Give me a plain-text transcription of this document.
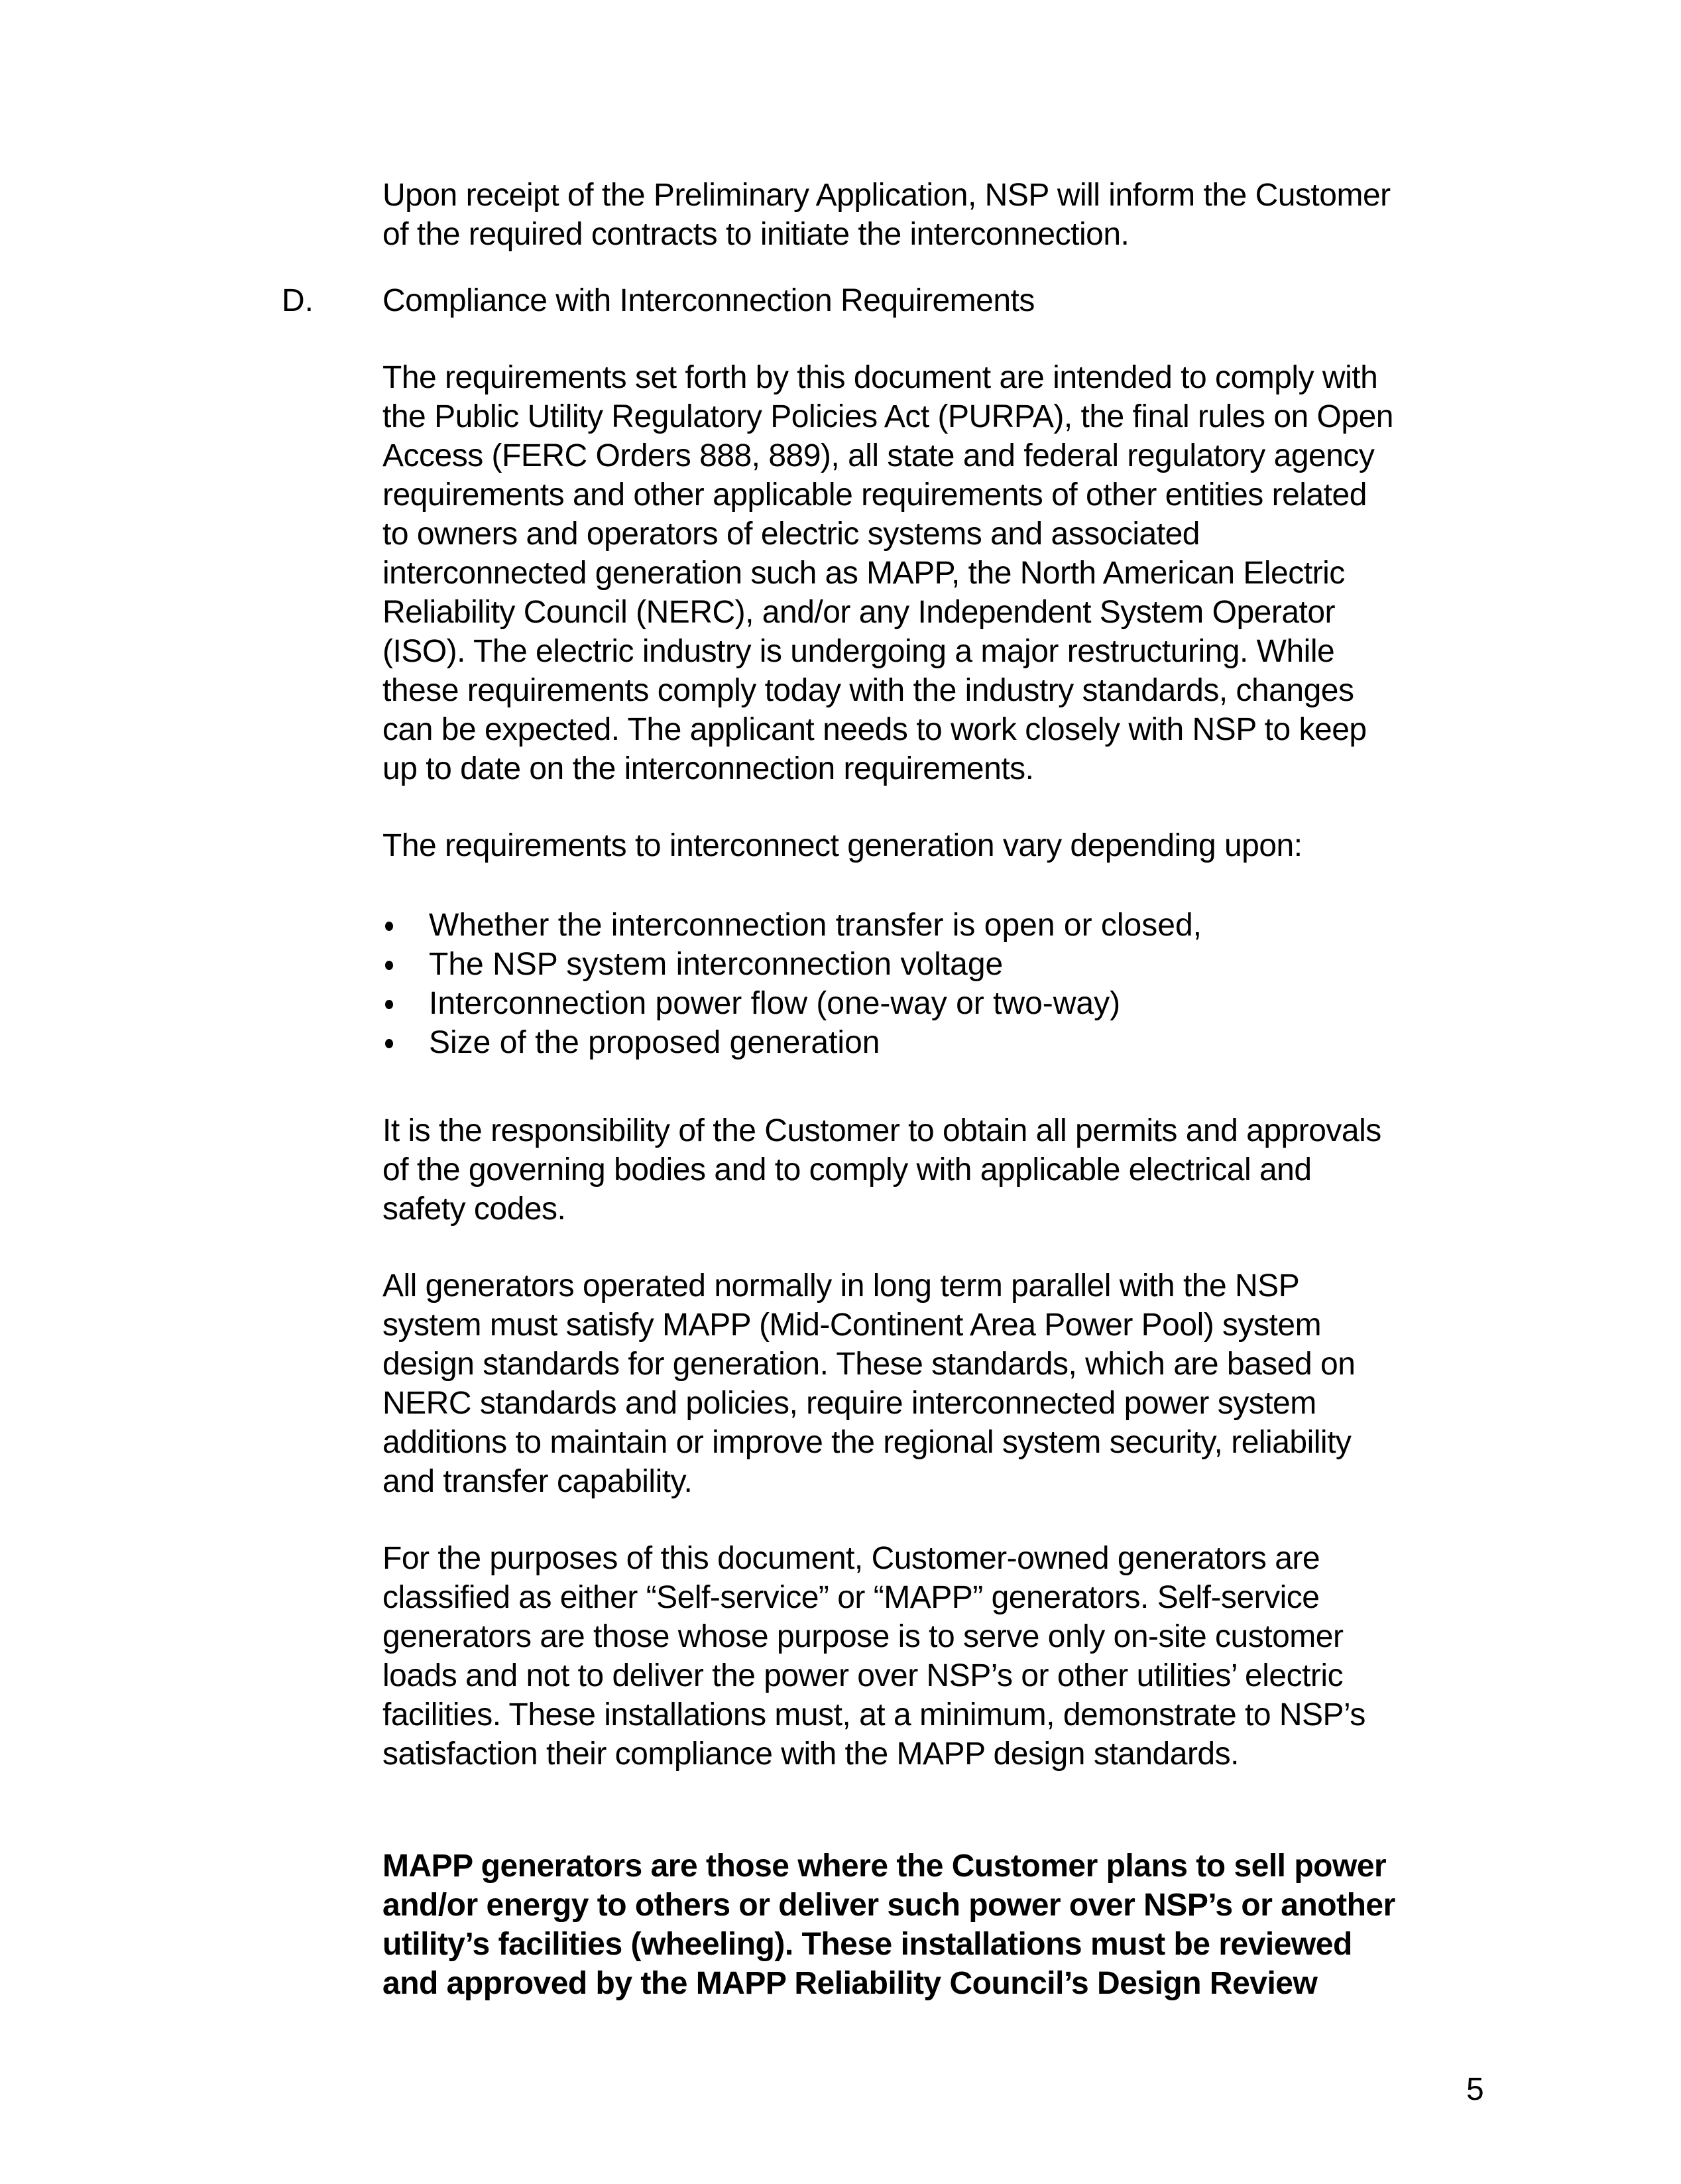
Upon receipt of the Preliminary Application, NSP will inform the Customer
of the required contracts to initiate the interconnection.
D. Compliance with Interconnection Requirements
The requirements set forth by this document are intended to comply with
the Public Utility Regulatory Policies Act (PURPA), the final rules on Open
Access (FERC Orders 888, 889), all state and federal regulatory agency
requirements and other applicable requirements of other entities related
to owners and operators of electric systems and associated
interconnected generation such as MAPP, the North American Electric
Reliability Council (NERC), and/or any Independent System Operator
(ISO). The electric industry is undergoing a major restructuring. While
these requirements comply today with the industry standards, changes
can be expected. The applicant needs to work closely with NSP to keep
up to date on the interconnection requirements.
The requirements to interconnect generation vary depending upon:
Whether the interconnection transfer is open or closed,
The NSP system interconnection voltage
Interconnection power flow (one-way or two-way)
Size of the proposed generation
It is the responsibility of the Customer to obtain all permits and approvals
of the governing bodies and to comply with applicable electrical and
safety codes.
All generators operated normally in long term parallel with the NSP
system must satisfy MAPP (Mid-Continent Area Power Pool) system
design standards for generation. These standards, which are based on
NERC standards and policies, require interconnected power system
additions to maintain or improve the regional system security, reliability
and transfer capability.
For the purposes of this document, Customer-owned generators are
classified as either “Self-service” or “MAPP” generators. Self-service
generators are those whose purpose is to serve only on-site customer
loads and not to deliver the power over NSP’s or other utilities’ electric
facilities. These installations must, at a minimum, demonstrate to NSP’s
satisfaction their compliance with the MAPP design standards.
MAPP generators are those where the Customer plans to sell power
and/or energy to others or deliver such power over NSP’s or another
utility’s facilities (wheeling). These installations must be reviewed
and approved by the MAPP Reliability Council’s Design Review
5
